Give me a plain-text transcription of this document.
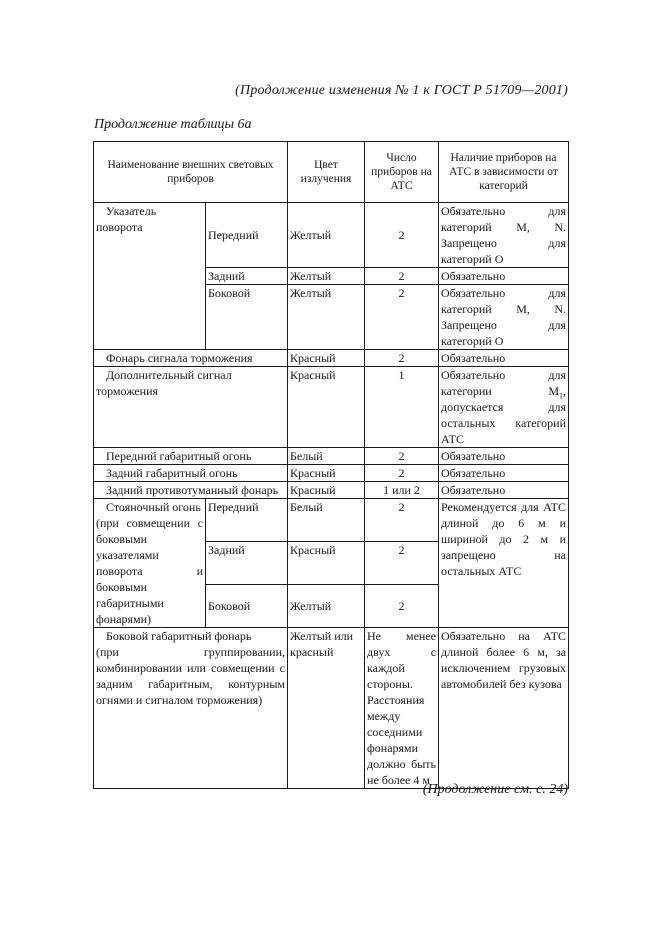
(Продолжение изменения № 1 к ГОСТ Р 51709—2001)
Продолжение таблицы 6а
Наименование внешних световых приборов		Цвет излучения	Число приборов на АТС	Наличие приборов на АТС в зависимости от категорий
Указатель поворота	Передний	Желтый	2	Обязательно для категорий М, N. Запрещено для категорий О
	Задний	Желтый	2	Обязательно
	Боковой	Желтый	2	Обязательно для категорий М, N. Запрещено для категорий О
Фонарь сигнала торможения		Красный	2	Обязательно
Дополнительный сигнал торможения		Красный	1	Обязательно для категории $М_1$, допускается для остальных категорий АТС
Передний габаритный огонь		Белый	2	Обязательно
Задний габаритный огонь		Красный	2	Обязательно
Задний противотуманный фонарь		Красный	1 или 2	Обязательно

Стояночный огонь
(при совмещении с боковыми указателями поворота и боковыми габаритными фонарями)	Передний	Белый	2	Рекомендуется для АТС длиной до 6 м и шириной до 2 м и запрещено на остальных АТС
	Задний	Красный	2	
	Боковой	Желтый	2	

Боковой габаритный фонарь
(при группировании, комбинировании или совмещении с задним габаритным, контурным огнями и сигналом торможения)		Желтый или красный	Не менее двух с каждой стороны. Расстояния между соседними фонарями должно быть не более 4 м	Обязательно на АТС длиной более 6 м, за исключением грузовых автомобилей без кузова
(Продолжение см. с. 24)
